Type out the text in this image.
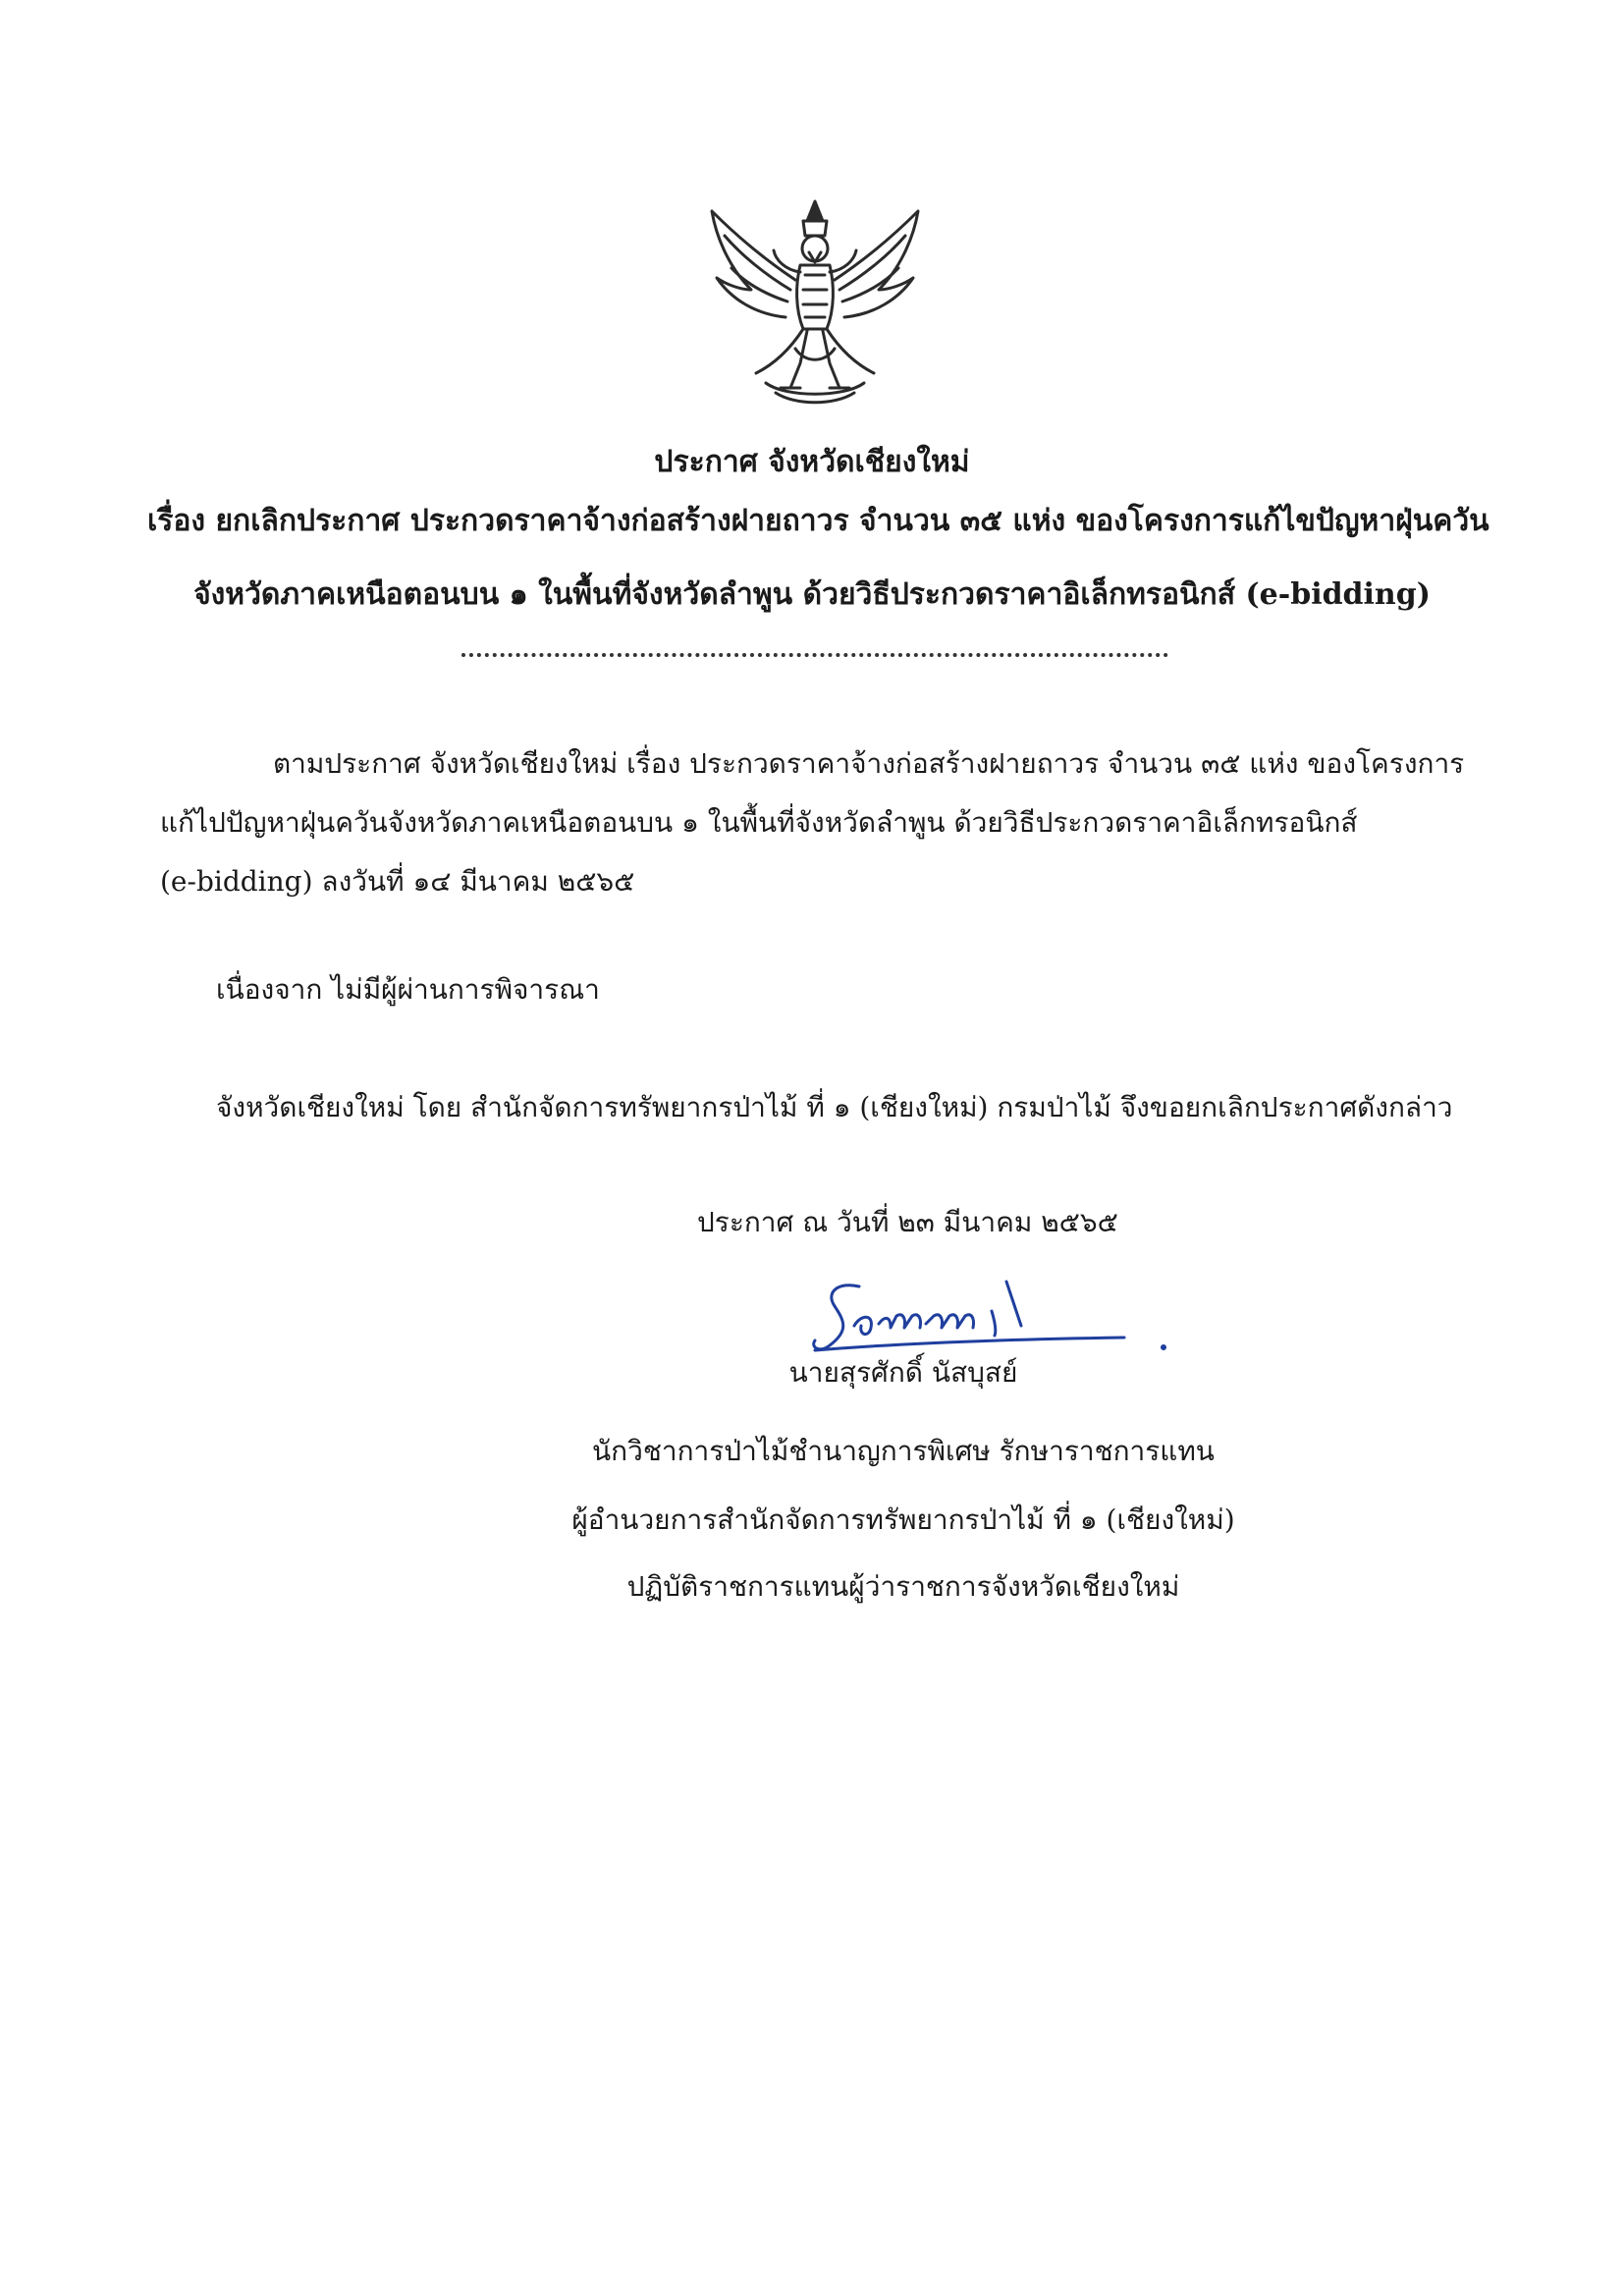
ประกาศ จังหวัดเชียงใหม่
เรื่อง ยกเลิกประกาศ ประกวดราคาจ้างก่อสร้างฝายถาวร จำนวน ๓๕ แห่ง ของโครงการแก้ไขปัญหาฝุ่นควัน
จังหวัดภาคเหนือตอนบน ๑ ในพื้นที่จังหวัดลำพูน ด้วยวิธีประกวดราคาอิเล็กทรอนิกส์ (e-bidding)
ตามประกาศ จังหวัดเชียงใหม่ เรื่อง ประกวดราคาจ้างก่อสร้างฝายถาวร จำนวน ๓๕ แห่ง ของโครงการ
แก้ไปปัญหาฝุ่นควันจังหวัดภาคเหนือตอนบน ๑ ในพื้นที่จังหวัดลำพูน ด้วยวิธีประกวดราคาอิเล็กทรอนิกส์
(e-bidding) ลงวันที่ ๑๔ มีนาคม ๒๕๖๕
เนื่องจาก ไม่มีผู้ผ่านการพิจารณา
จังหวัดเชียงใหม่ โดย สำนักจัดการทรัพยากรป่าไม้ ที่ ๑ (เชียงใหม่) กรมป่าไม้ จึงขอยกเลิกประกาศดังกล่าว
ประกาศ ณ วันที่ ๒๓ มีนาคม ๒๕๖๕
นายสุรศักดิ์ นัสบุสย์
นักวิชาการป่าไม้ชำนาญการพิเศษ รักษาราชการแทน
ผู้อำนวยการสำนักจัดการทรัพยากรป่าไม้ ที่ ๑ (เชียงใหม่)
ปฏิบัติราชการแทนผู้ว่าราชการจังหวัดเชียงใหม่
